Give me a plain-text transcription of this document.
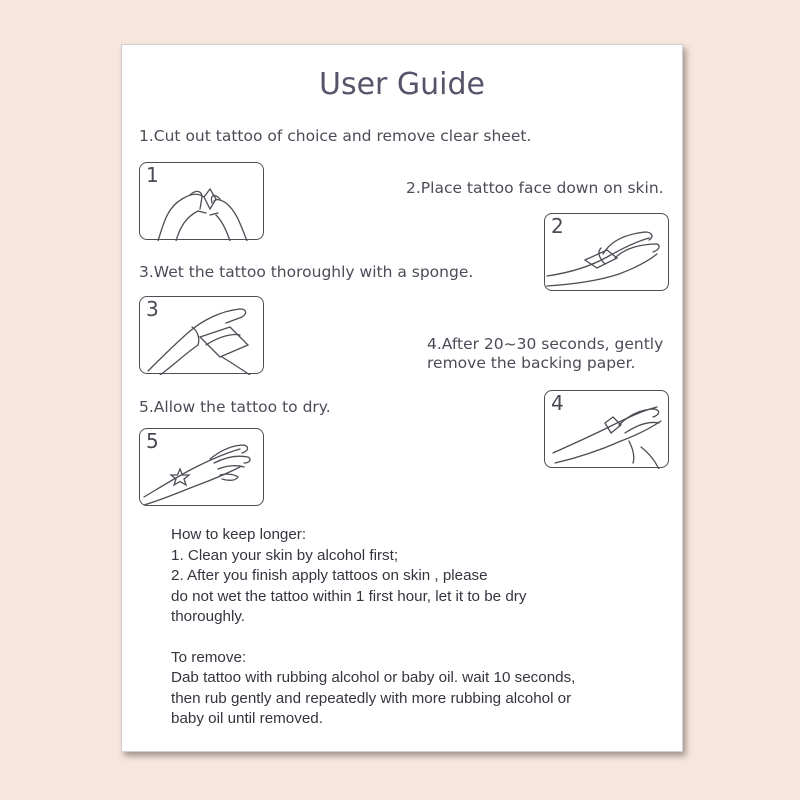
User Guide
1.Cut out tattoo of choice and remove clear sheet.
1
2.Place tattoo face down on skin.
2
3.Wet the tattoo thoroughly with a sponge.
3
4.After 20~30 seconds, gently
remove the backing paper.
4
5.Allow the tattoo to dry.
5
How to keep longer:
1. Clean your skin by alcohol first;
2. After you finish apply tattoos on skin , please
do not wet the tattoo within 1 first hour, let it to be dry
thoroughly.
To remove:
Dab tattoo with rubbing alcohol or baby oil. wait 10 seconds,
then rub gently and repeatedly with more rubbing alcohol or
baby oil until removed.
